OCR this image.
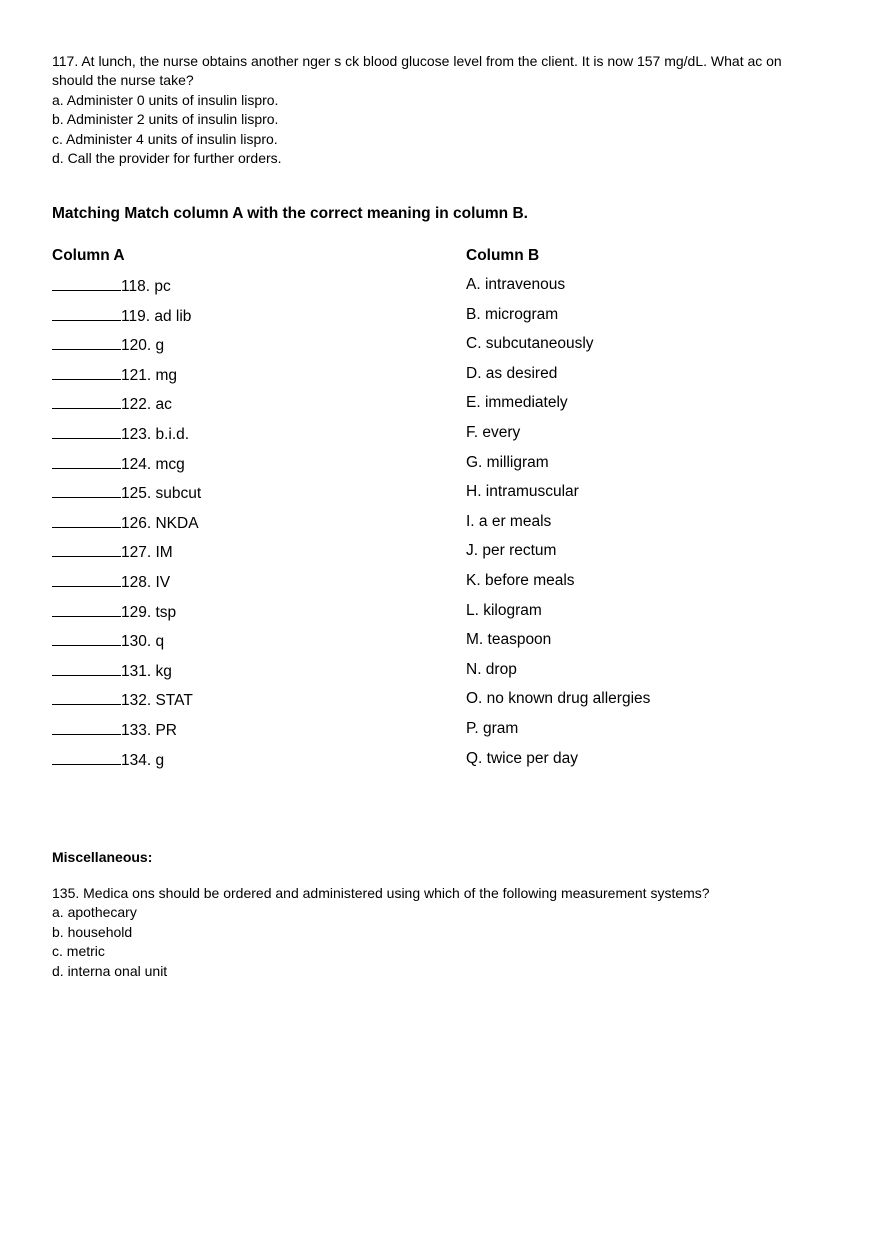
117. At lunch, the nurse obtains another nger s ck blood glucose level from the client. It is now 157 mg/dL. What ac on should the nurse take?
a. Administer 0 units of insulin lispro.
b. Administer 2 units of insulin lispro.
c. Administer 4 units of insulin lispro.
d. Call the provider for further orders.
Matching Match column A with the correct meaning in column B.
Column A	Column B
118. pc	A. intravenous
119. ad lib	B. microgram
120. g	C. subcutaneously
121. mg	D. as desired
122. ac	E. immediately
123. b.i.d.	F. every
124. mcg	G. milligram
125. subcut	H. intramuscular
126. NKDA	I. a er meals
127. IM	J. per rectum
128. IV	K. before meals
129. tsp	L. kilogram
130. q	M. teaspoon
131. kg	N. drop
132. STAT	O. no known drug allergies
133. PR	P. gram
134. g	Q. twice per day
Miscellaneous:
135. Medica ons should be ordered and administered using which of the following measurement systems?
a. apothecary
b. household
c. metric
d. interna onal unit
